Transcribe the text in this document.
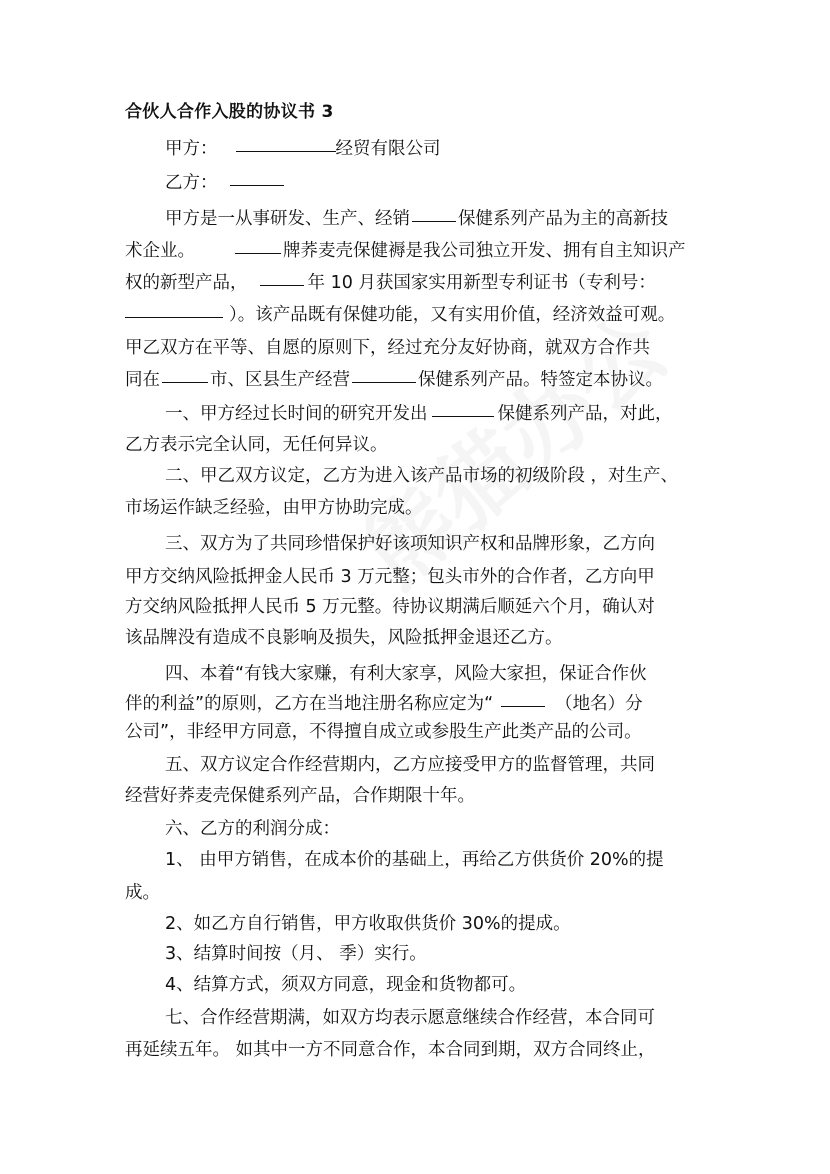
合伙人合作入股的协议书 3
甲方：	经贸有限公司
乙方：
甲方是一从事研发、生产、经销	保健系列产品为主的高新技
术企业。	牌荞麦壳保健褥是我公司独立开发、拥有自主知识产
权的新型产品，	年 10 月获国家实用新型专利证书（专利号：
）。该产品既有保健功能，又有实用价值，经济效益可观。
甲乙双方在平等、自愿的原则下，经过充分友好协商，就双方合作共
同在	市、区县生产经营	保健系列产品。特签定本协议。
一、甲方经过长时间的研究开发出	保健系列产品，对此，
乙方表示完全认同，无任何异议。
二、甲乙双方议定，乙方为进入该产品市场的初级阶段 ，对生产、
市场运作缺乏经验，由甲方协助完成。
三、双方为了共同珍惜保护好该项知识产权和品牌形象，乙方向
甲方交纳风险抵押金人民币 3 万元整；包头市外的合作者，乙方向甲
方交纳风险抵押人民币 5 万元整。待协议期满后顺延六个月，确认对
该品牌没有造成不良影响及损失，风险抵押金退还乙方。
四、本着“有钱大家赚，有利大家享，风险大家担，保证合作伙
伴的利益”的原则，乙方在当地注册名称应定为“	（地名）分
公司”，非经甲方同意，不得擅自成立或参股生产此类产品的公司。
五、双方议定合作经营期内，乙方应接受甲方的监督管理，共同
经营好荞麦壳保健系列产品，合作期限十年。
六、乙方的利润分成：
1、 由甲方销售，在成本价的基础上，再给乙方供货价 20%的提
成。
2、如乙方自行销售，甲方收取供货价 30%的提成。
3、结算时间按（月、 季）实行。
4、结算方式，须双方同意，现金和货物都可。
七、合作经营期满，如双方均表示愿意继续合作经营，本合同可
再延续五年。 如其中一方不同意合作，本合同到期，双方合同终止，
